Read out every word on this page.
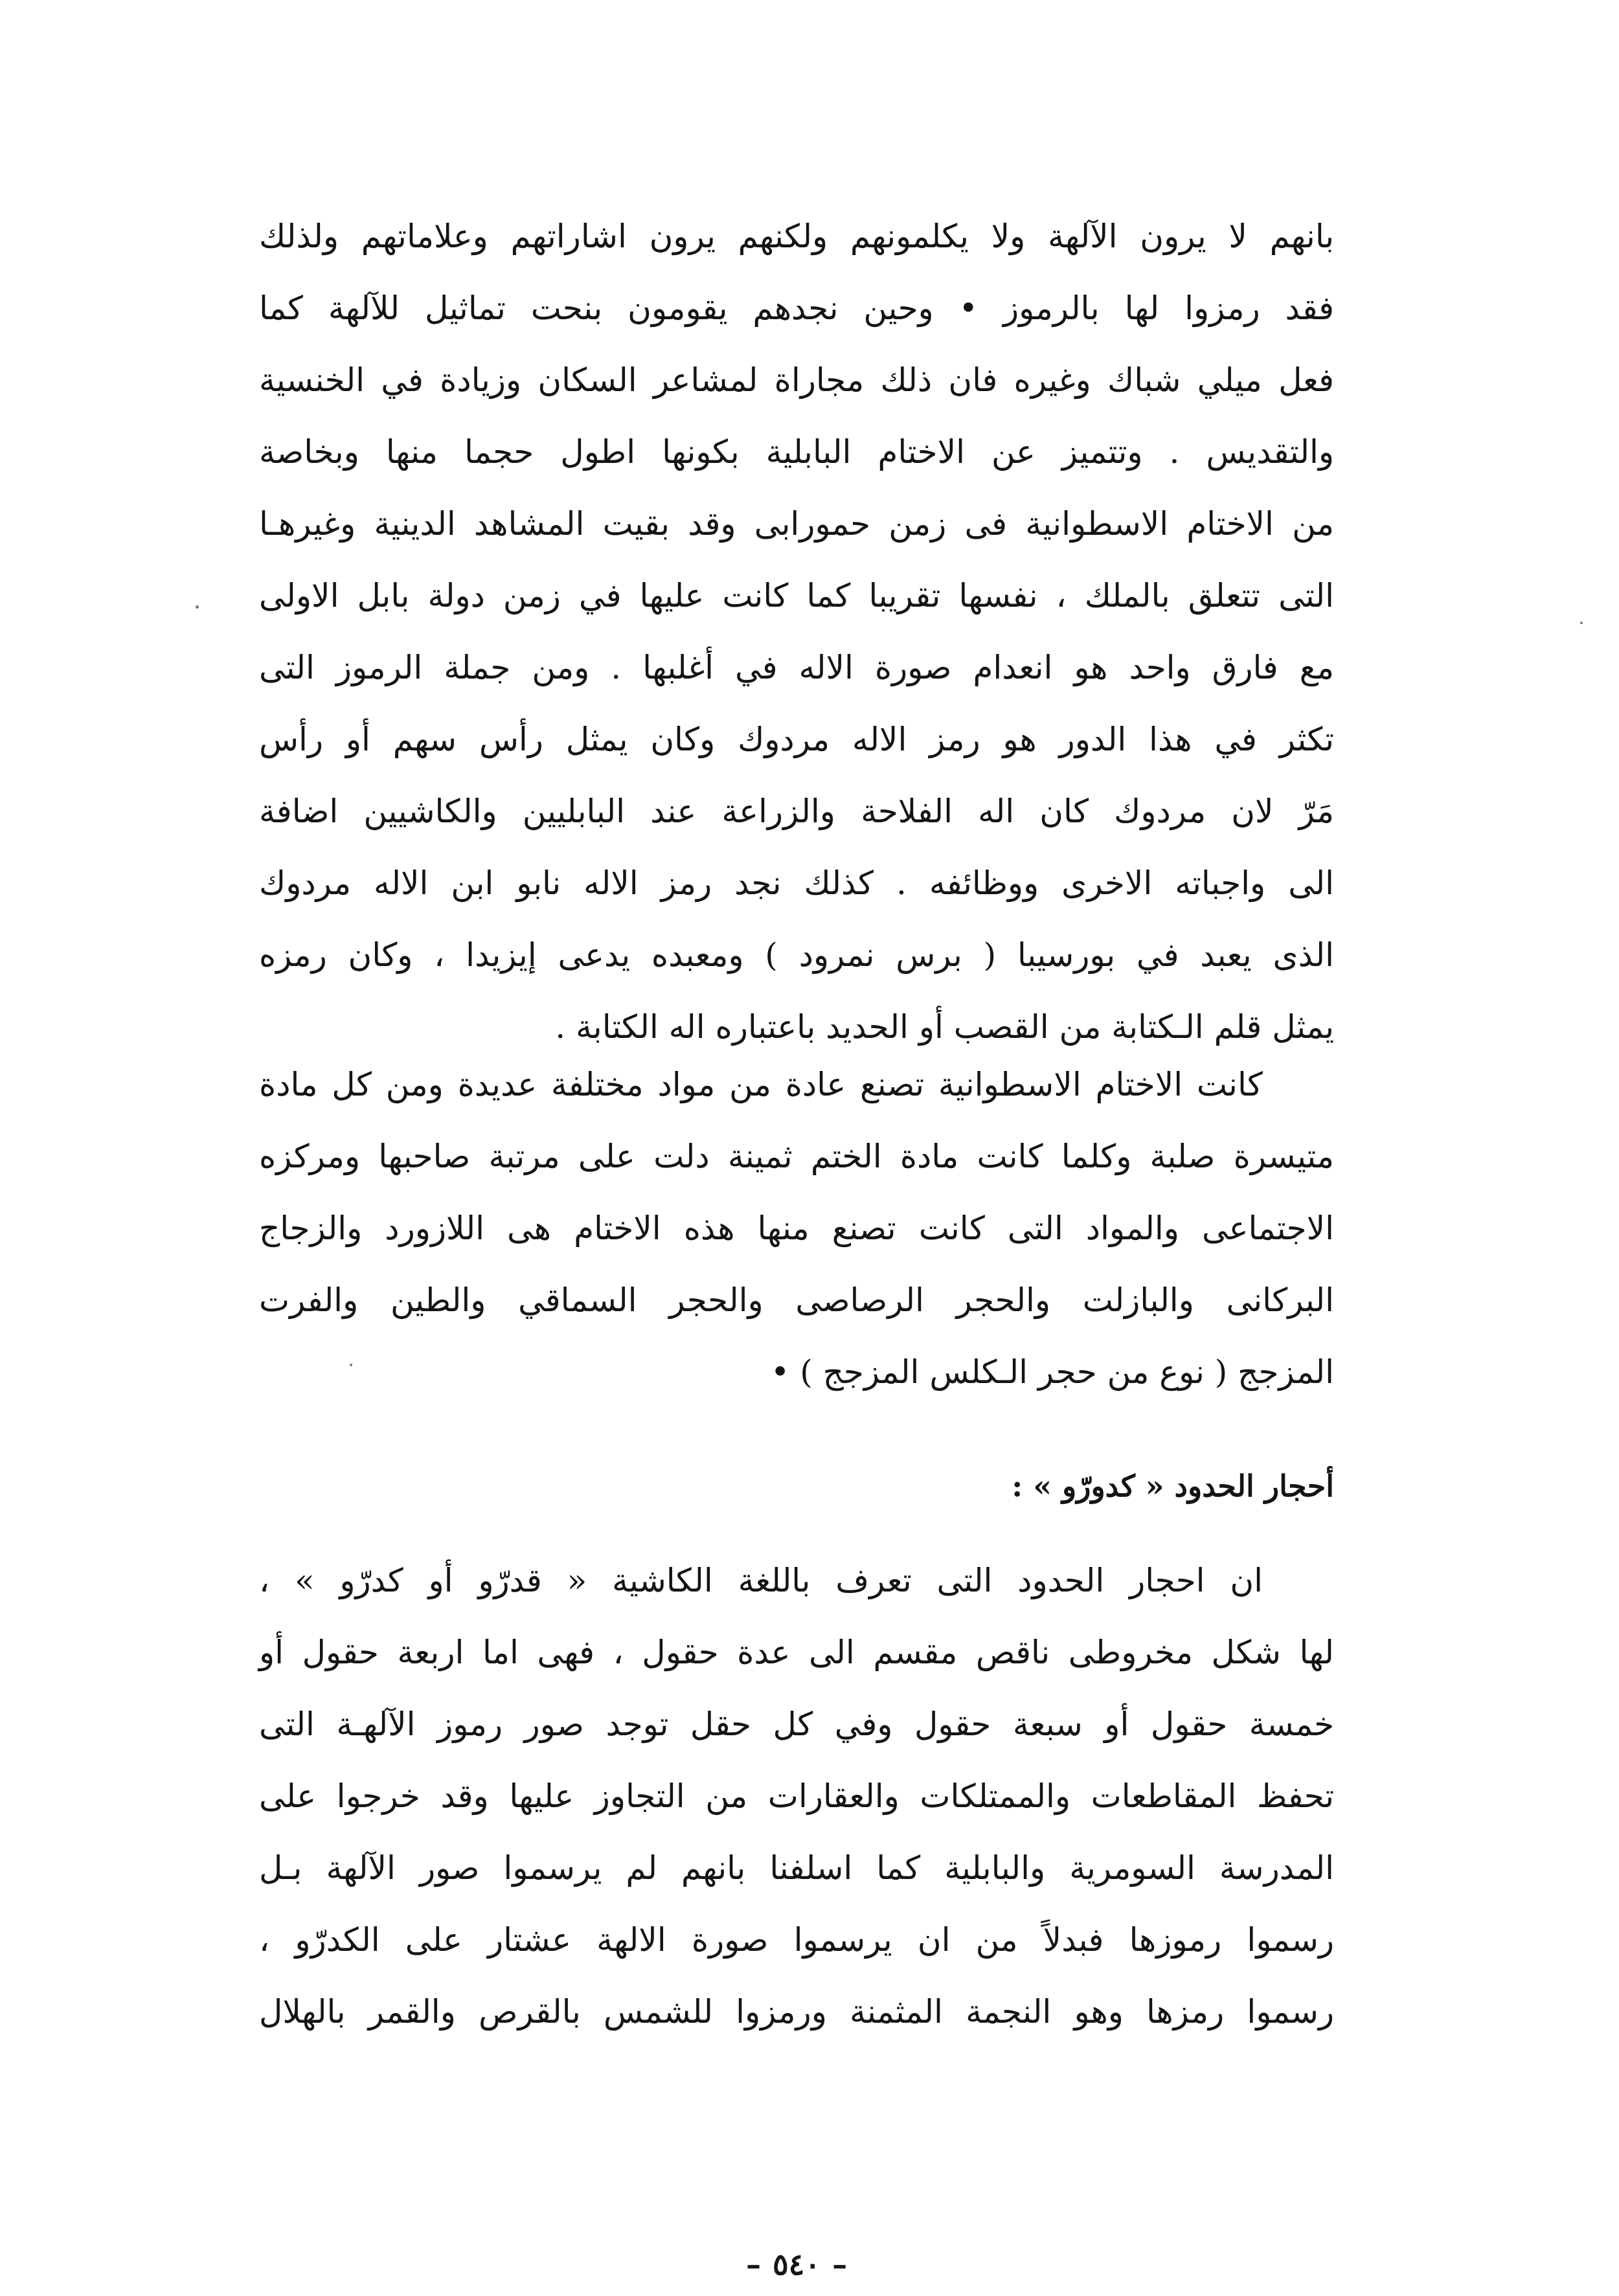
بانهم لا يرون الآلهة ولا يكلمونهم ولكنهم يرون اشاراتهم وعلاماتهم ولذلك
فقد رمزوا لها بالرموز • وحين نجدهم يقومون بنحت تماثيل للآلهة كما
فعل ميلي شباك وغيره فان ذلك مجاراة لمشاعر السكان وزيادة في الخنسية
والتقديس . وتتميز عن الاختام البابلية بكونها اطول حجما منها وبخاصة
من الاختام الاسطوانية فى زمن حمورابى وقد بقيت المشاهد الدينية وغيرهـا
التى تتعلق بالملك ، نفسها تقريبا كما كانت عليها في زمن دولة بابل الاولى
مع فارق واحد هو انعدام صورة الاله في أغلبها . ومن جملة الرموز التى
تكثر في هذا الدور هو رمز الاله مردوك وكان يمثل رأس سهم أو رأس
مَرّ لان مردوك كان اله الفلاحة والزراعة عند البابليين والكاشيين اضافة
الى واجباته الاخرى ووظائفه . كذلك نجد رمز الاله نابو ابن الاله مردوك
الذى يعبد في بورسيبا ( برس نمرود ) ومعبده يدعى إيزيدا ، وكان رمزه
يمثل قلم الـكتابة من القصب أو الحديد باعتباره اله الكتابة .
كانت الاختام الاسطوانية تصنع عادة من مواد مختلفة عديدة ومن كل مادة
متيسرة صلبة وكلما كانت مادة الختم ثمينة دلت على مرتبة صاحبها ومركزه
الاجتماعى والمواد التى كانت تصنع منها هذه الاختام هى اللازورد والزجاج
البركانى والبازلت والحجر الرصاصى والحجر السماقي والطين والفرت
المزجج ( نوع من حجر الـكلس المزجج ) •
أحجار الحدود « كدورّو » :
ان احجار الحدود التى تعرف باللغة الكاشية « قدرّو أو كدرّو » ،
لها شكل مخروطى ناقص مقسم الى عدة حقول ، فهى اما اربعة حقول أو
خمسة حقول أو سبعة حقول وفي كل حقل توجد صور رموز الآلهـة التى
تحفظ المقاطعات والممتلكات والعقارات من التجاوز عليها وقد خرجوا على
المدرسة السومرية والبابلية كما اسلفنا بانهم لم يرسموا صور الآلهة بـل
رسموا رموزها فبدلاً من ان يرسموا صورة الالهة عشتار على الكدرّو ،
رسموا رمزها وهو النجمة المثمنة ورمزوا للشمس بالقرص والقمر بالهلال
–٥٤٠–
